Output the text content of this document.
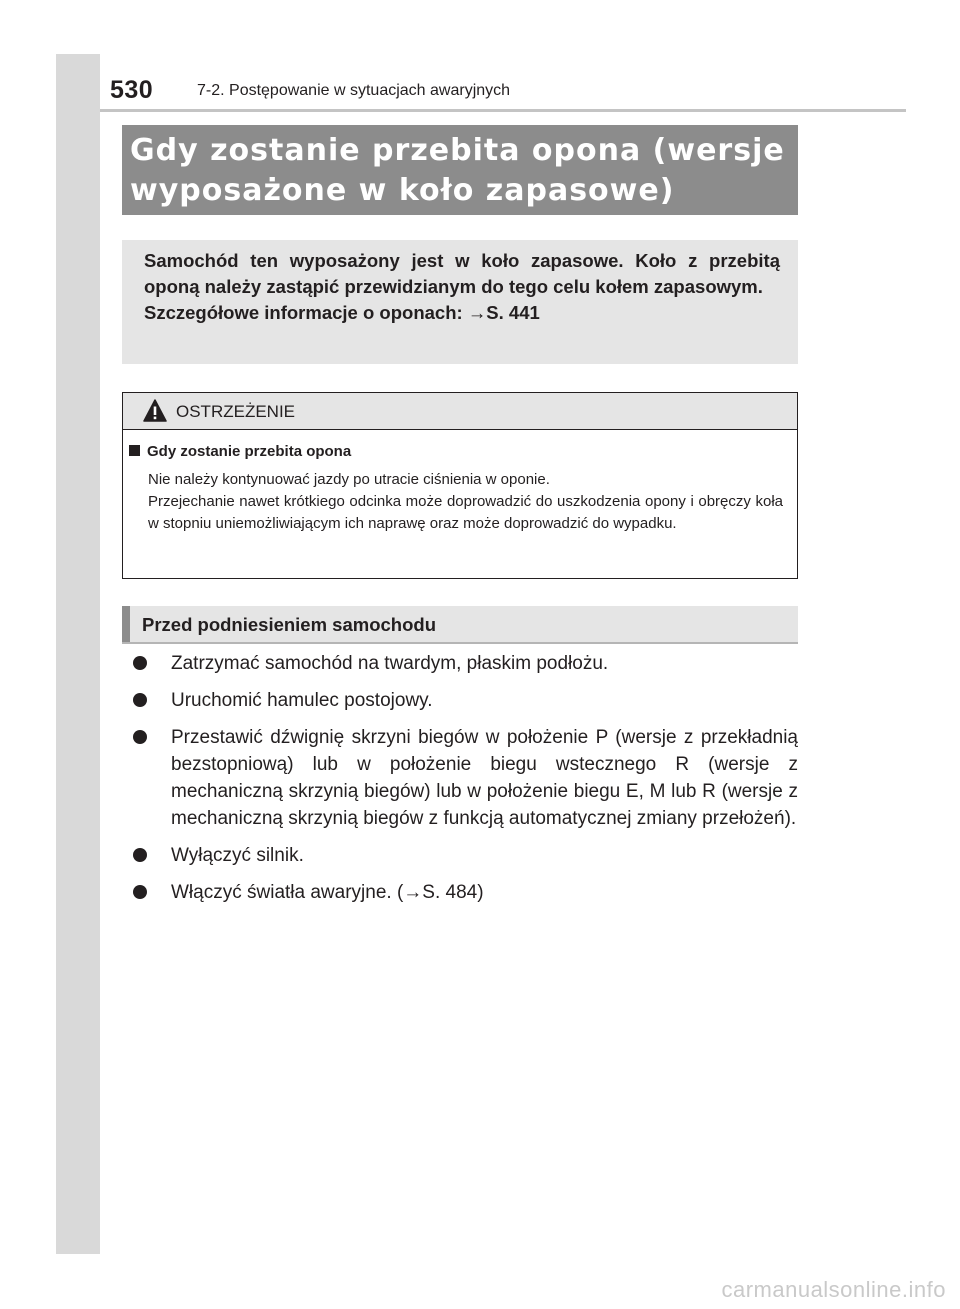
530	7-2. Postępowanie w sytuacjach awaryjnych
Gdy zostanie przebita opona (wersje wyposażone w koło zapasowe)
Samochód ten wyposażony jest w koło zapasowe. Koło z przebitą oponą należy zastąpić przewidzianym do tego celu kołem zapasowym.
Szczegółowe informacje o oponach: →S. 441
OSTRZEŻENIE
Gdy zostanie przebita opona
Nie należy kontynuować jazdy po utracie ciśnienia w oponie.
Przejechanie nawet krótkiego odcinka może doprowadzić do uszkodzenia opony i obręczy koła w stopniu uniemożliwiającym ich naprawę oraz może doprowadzić do wypadku.
Przed podniesieniem samochodu
Zatrzymać samochód na twardym, płaskim podłożu.
Uruchomić hamulec postojowy.
Przestawić dźwignię skrzyni biegów w położenie P (wersje z przekładnią bezstopniową) lub w położenie biegu wstecznego R (wersje z mechaniczną skrzynią biegów) lub w położenie biegu E, M lub R (wersje z mechaniczną skrzynią biegów z funkcją automatycznej zmiany przełożeń).
Wyłączyć silnik.
Włączyć światła awaryjne. (→S. 484)
carmanualsonline.info
